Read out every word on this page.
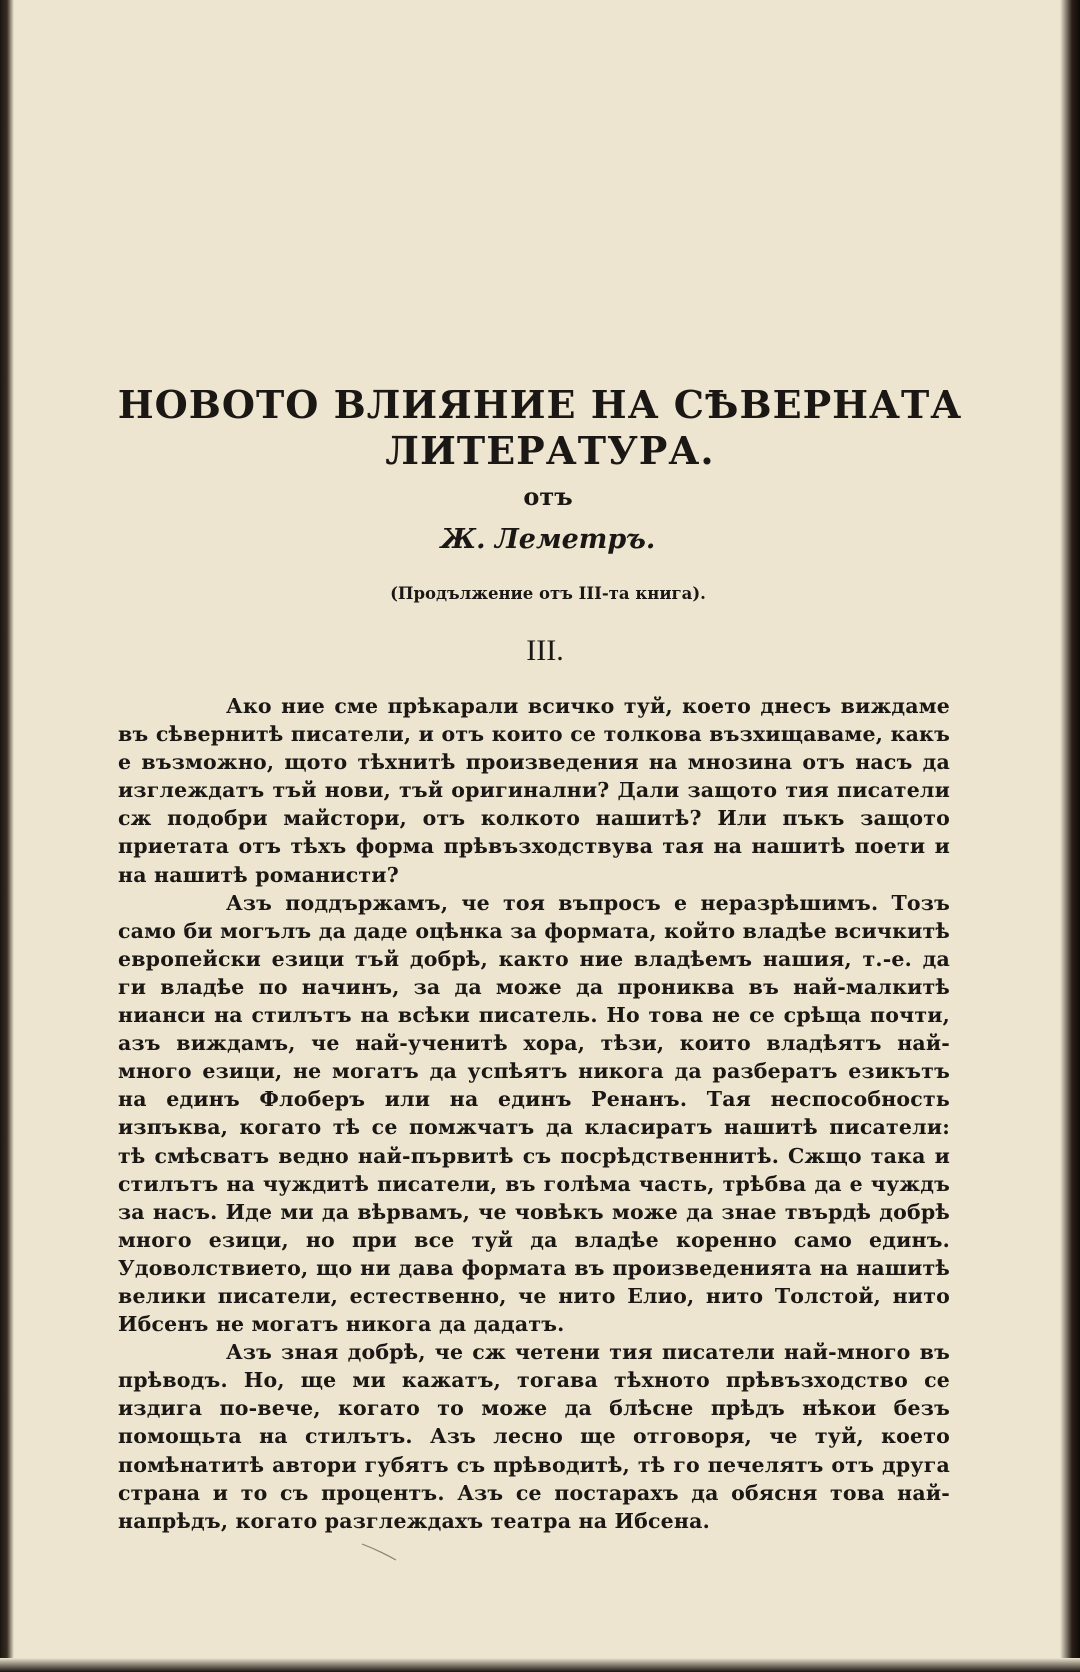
НОВОТО ВЛИЯНИЕ НА СѢВЕРНАТА
ЛИТЕРАТУРА.
отъ
Ж. Леметръ.
(Продължение отъ III-та книга).
III.

Ако ние сме прѣкарали всичко туй, което днесъ виждаме въ сѣвернитѣ писатели, и отъ които се толкова възхищаваме, какъ е възможно, щото тѣхнитѣ произведения на мнозина отъ насъ да изглеждатъ тъй нови, тъй оригинални? Дали защото тия писатели сж подобри майстори, отъ колкото нашитѣ? Или пъкъ защото приетата отъ тѣхъ форма прѣвъзходствува тая на нашитѣ поети и на нашитѣ романисти?

Азъ поддържамъ, че тоя въпросъ е неразрѣшимъ. Тозъ само би могълъ да даде оцѣнка за формата, който владѣе всичкитѣ европейски езици тъй добрѣ, както ние владѣемъ нашия, т.-е. да ги владѣе по начинъ, за да може да прониква въ най-малкитѣ нианси на стилътъ на всѣки писатель. Но това не се срѣща почти, азъ виждамъ, че най-ученитѣ хора, тѣзи, които владѣятъ най-много езици, не могатъ да успѣятъ никога да разбератъ езикътъ на единъ Флоберъ или на единъ Ренанъ. Тая неспособность изпъква, когато тѣ се помжчатъ да класиратъ нашитѣ писатели: тѣ смѣсватъ ведно най-първитѣ съ посрѣдственнитѣ. Сжщо така и стилътъ на чуждитѣ писатели, въ голѣма часть, трѣбва да е чуждъ за насъ. Иде ми да вѣрвамъ, че човѣкъ може да знае твърдѣ добрѣ много езици, но при все туй да владѣе коренно само единъ. Удоволствието, що ни дава формата въ произведенията на нашитѣ велики писатели, естественно, че нито Елио, нито Толстой, нито Ибсенъ не могатъ никога да дадатъ.

Азъ зная добрѣ, че сж четени тия писатели най-много въ прѣводъ. Но, ще ми кажатъ, тогава тѣхното прѣвъзходство се издига по-вече, когато то може да блѣсне прѣдъ нѣкои безъ помощьта на стилътъ. Азъ лесно ще отговоря, че туй, което помѣнатитѣ автори губятъ съ прѣводитѣ, тѣ го печелятъ отъ друга страна и то съ процентъ. Азъ се постарахъ да обясня това най-напрѣдъ, когато разглеждахъ театра на Ибсена.
